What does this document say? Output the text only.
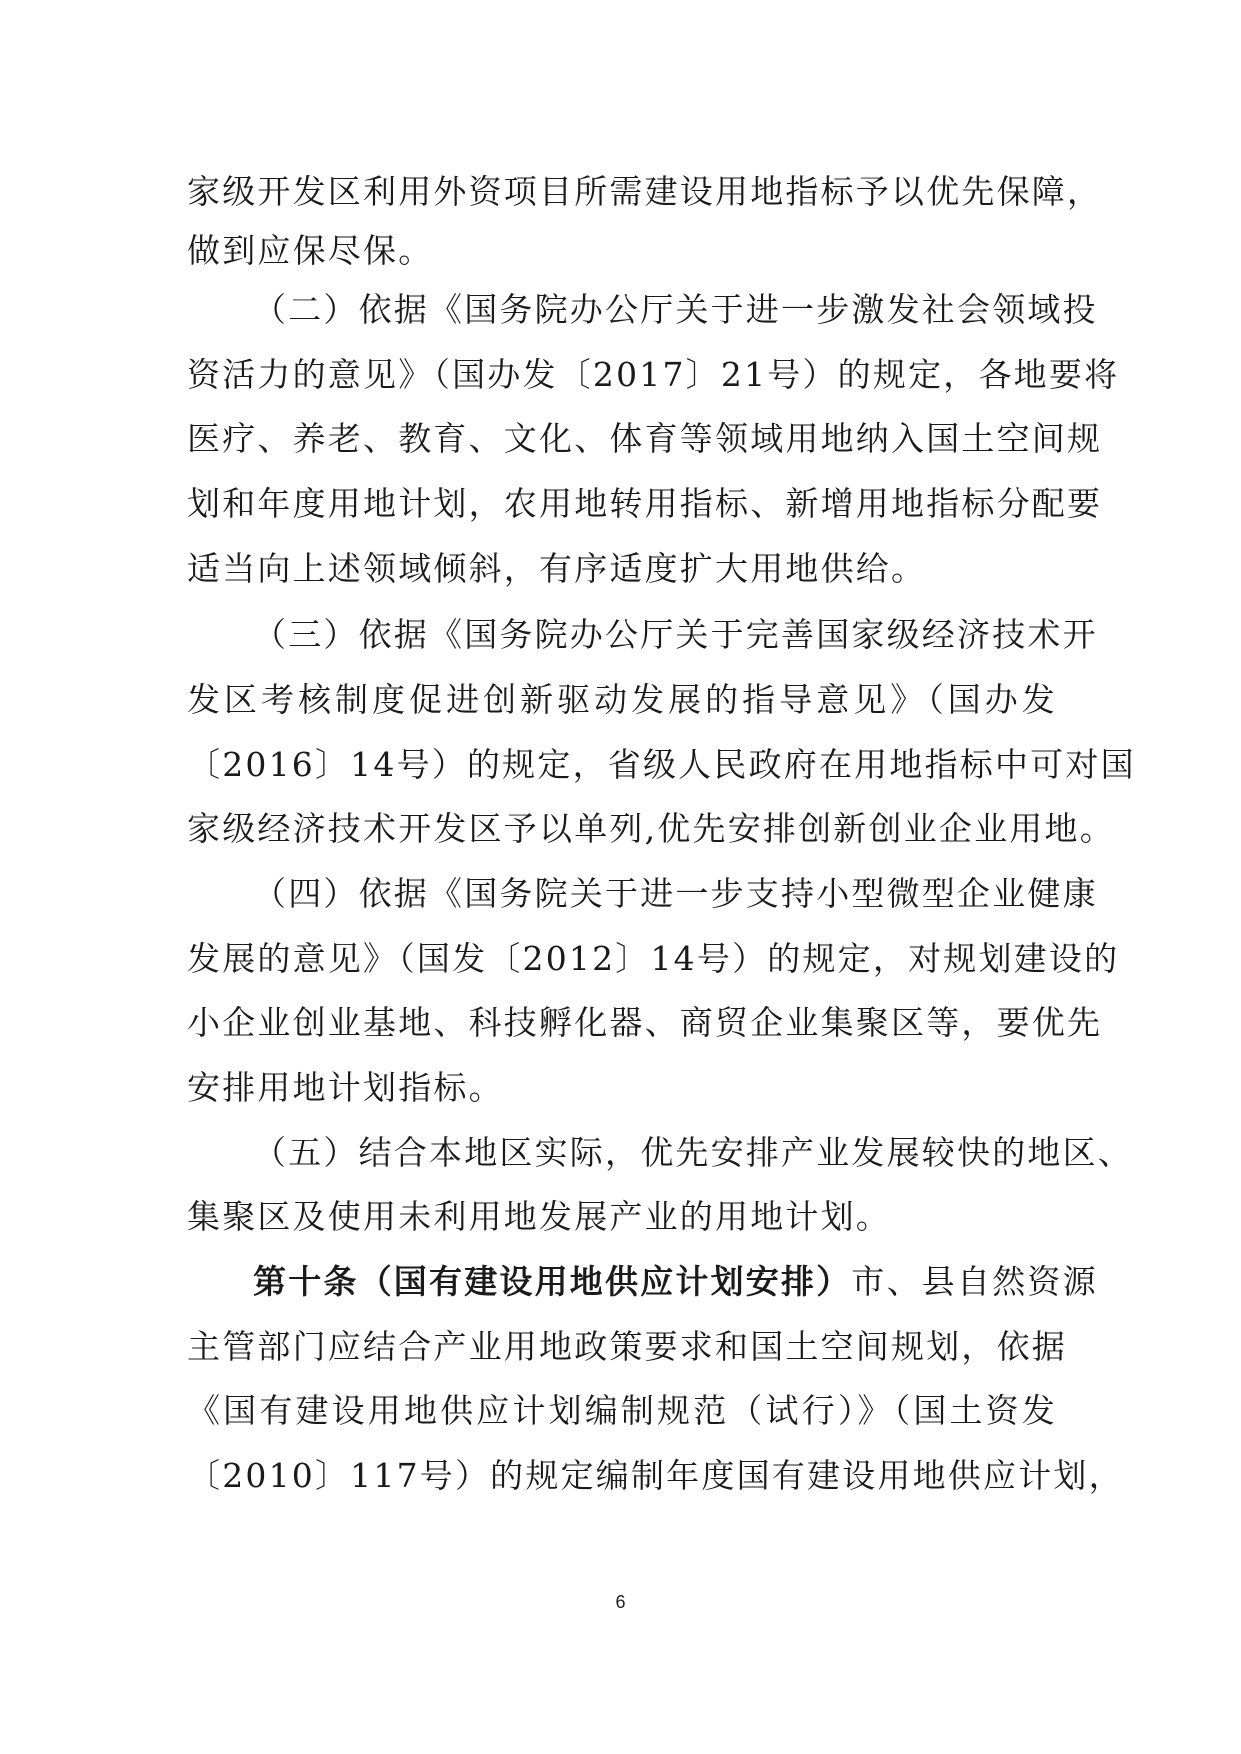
家级开发区利用外资项目所需建设用地指标予以优先保障，
做到应保尽保。
（二）依据《国务院办公厅关于进一步激发社会领域投
资活力的意见》（国办发〔2017〕21号）的规定，各地要将
医疗、养老、教育、文化、体育等领域用地纳入国土空间规
划和年度用地计划，农用地转用指标、新增用地指标分配要
适当向上述领域倾斜，有序适度扩大用地供给。
（三）依据《国务院办公厅关于完善国家级经济技术开
发区考核制度促进创新驱动发展的指导意见》（国办发
〔2016〕14号）的规定，省级人民政府在用地指标中可对国
家级经济技术开发区予以单列,优先安排创新创业企业用地。
（四）依据《国务院关于进一步支持小型微型企业健康
发展的意见》（国发〔2012〕14号）的规定，对规划建设的
小企业创业基地、科技孵化器、商贸企业集聚区等，要优先
安排用地计划指标。
（五）结合本地区实际，优先安排产业发展较快的地区、
集聚区及使用未利用地发展产业的用地计划。
第十条（国有建设用地供应计划安排） 市、县自然资源
主管部门应结合产业用地政策要求和国土空间规划，依据
《国有建设用地供应计划编制规范（试行）》（国土资发
〔2010〕117号）的规定编制年度国有建设用地供应计划，
6
